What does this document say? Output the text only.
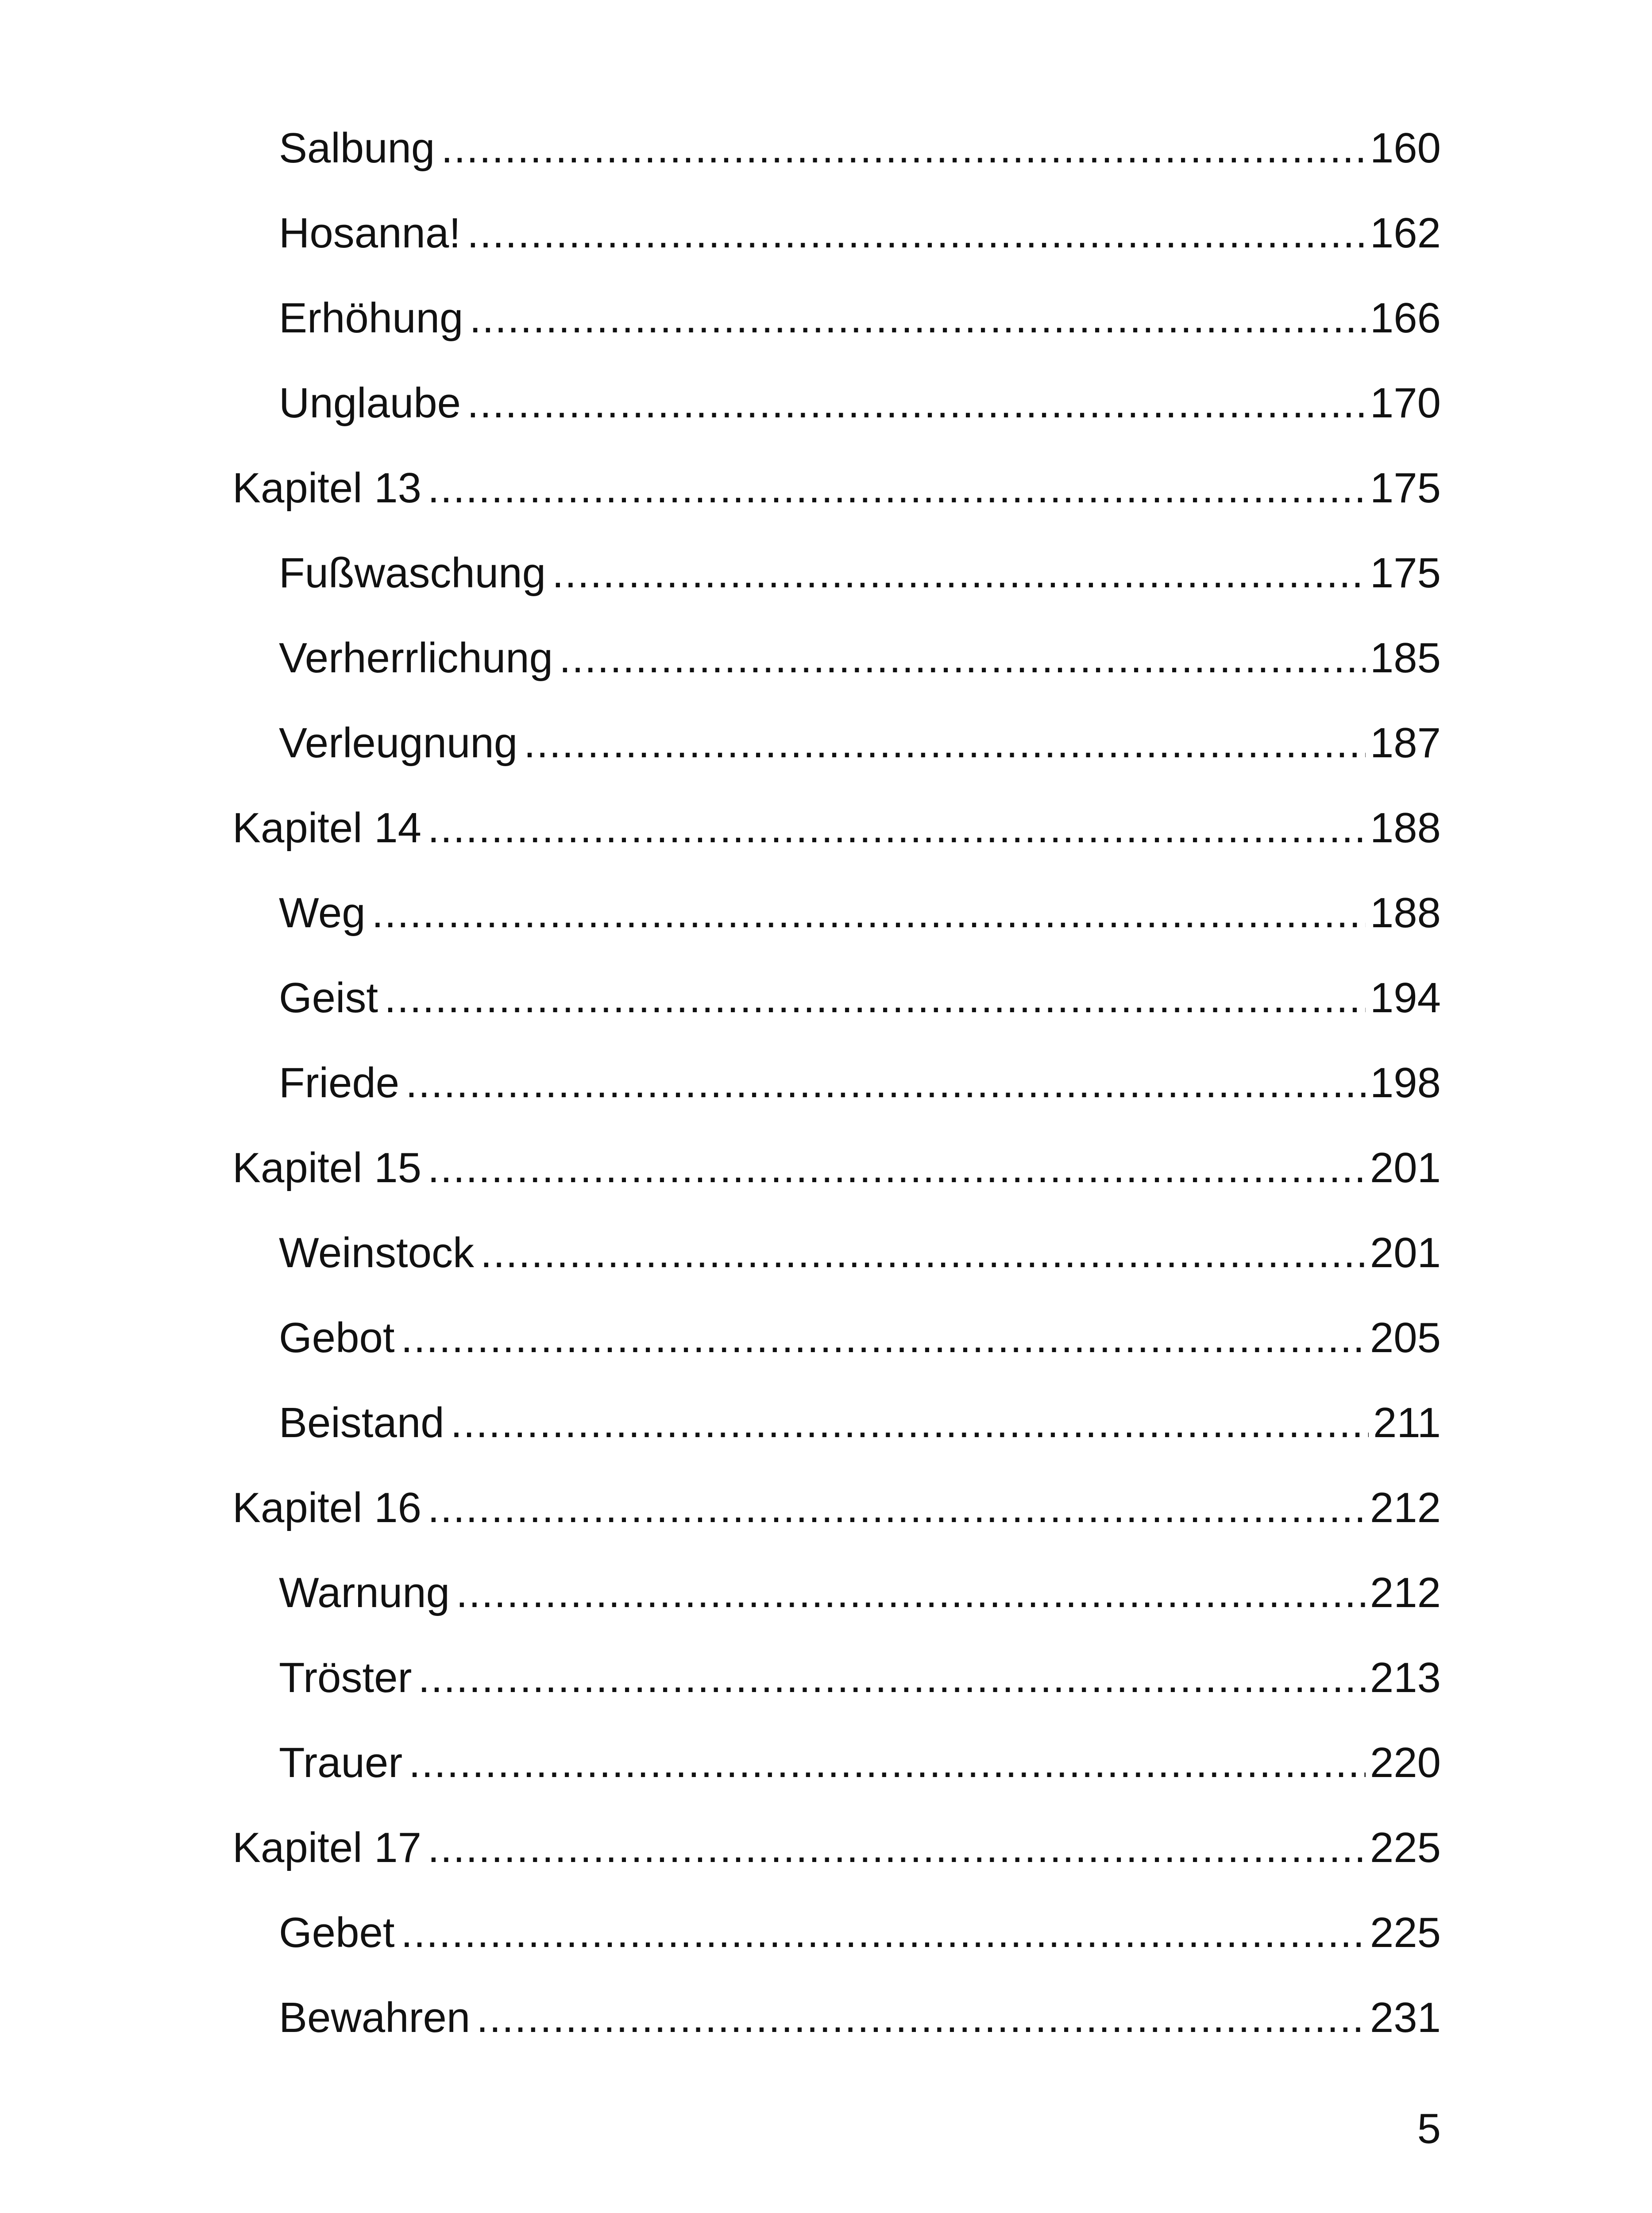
Salbung .....	160
Hosanna! .....	162
Erhöhung .....	166
Unglaube .....	170
Kapitel 13 .....	175
Fußwaschung .....	175
Verherrlichung .....	185
Verleugnung .....	187
Kapitel 14 .....	188
Weg .....	188
Geist .....	194
Friede .....	198
Kapitel 15 .....	201
Weinstock .....	201
Gebot .....	205
Beistand .....	211
Kapitel 16 .....	212
Warnung .....	212
Tröster .....	213
Trauer .....	220
Kapitel 17 .....	225
Gebet .....	225
Bewahren .....	231
5
